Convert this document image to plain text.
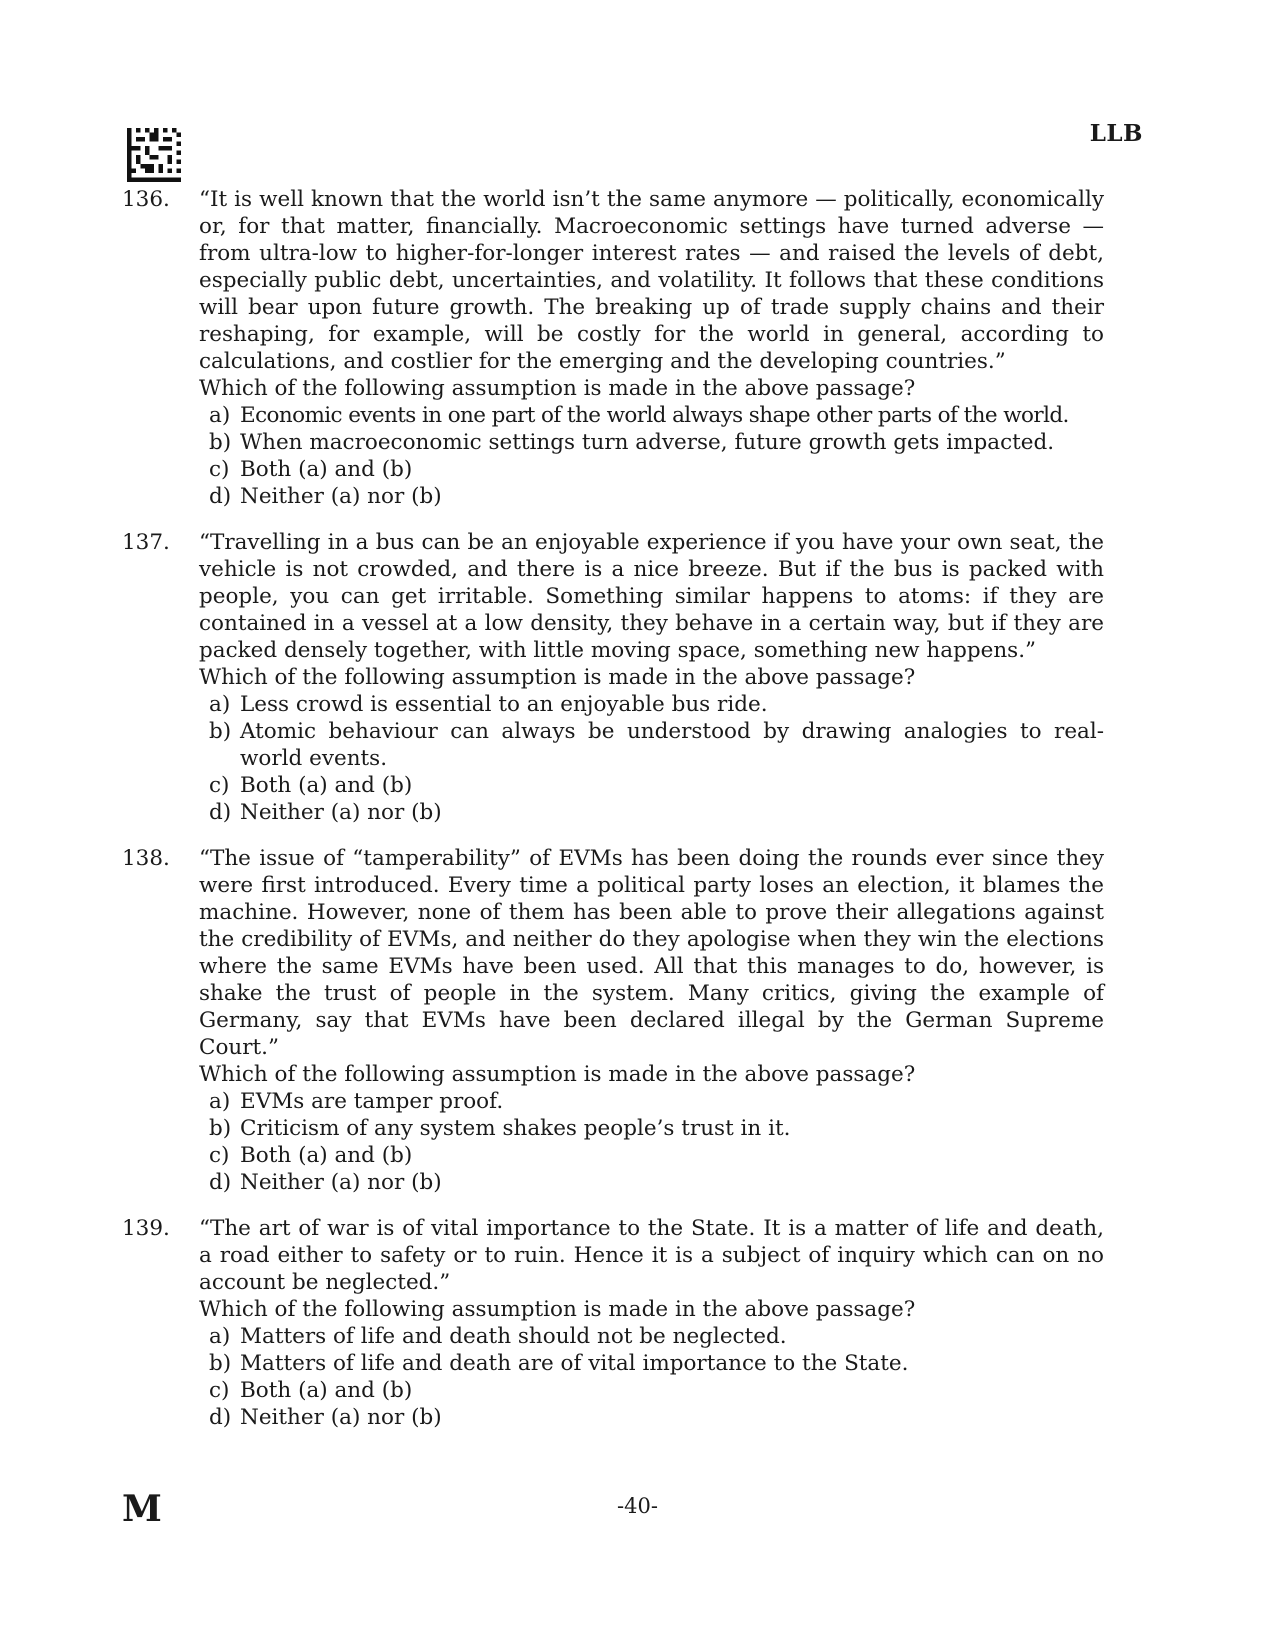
LLB
136.	“It is well known that the world isn’t the same anymore — politically, economically or, for that matter, financially. Macroeconomic settings have turned adverse — from ultra-low to higher-for-longer interest rates — and raised the levels of debt, especially public debt, uncertainties, and volatility. It follows that these conditions will bear upon future growth. The breaking up of trade supply chains and their reshaping, for example, will be costly for the world in general, according to calculations, and costlier for the emerging and the developing countries.”

Which of the following assumption is made in the above passage?

a) Economic events in one part of the world always shape other parts of the world.
b) When macroeconomic settings turn adverse, future growth gets impacted.
c) Both (a) and (b)
d) Neither (a) nor (b)
137.	“Travelling in a bus can be an enjoyable experience if you have your own seat, the vehicle is not crowded, and there is a nice breeze. But if the bus is packed with people, you can get irritable. Something similar happens to atoms: if they are contained in a vessel at a low density, they behave in a certain way, but if they are packed densely together, with little moving space, something new happens.”

Which of the following assumption is made in the above passage?

a) Less crowd is essential to an enjoyable bus ride.
b) Atomic behaviour can always be understood by drawing analogies to real-world events.
c) Both (a) and (b)
d) Neither (a) nor (b)
138.	“The issue of “tamperability” of EVMs has been doing the rounds ever since they were first introduced. Every time a political party loses an election, it blames the machine. However, none of them has been able to prove their allegations against the credibility of EVMs, and neither do they apologise when they win the elections where the same EVMs have been used. All that this manages to do, however, is shake the trust of people in the system. Many critics, giving the example of Germany, say that EVMs have been declared illegal by the German Supreme Court.”

Which of the following assumption is made in the above passage?

a) EVMs are tamper proof.
b) Criticism of any system shakes people’s trust in it.
c) Both (a) and (b)
d) Neither (a) nor (b)
139.	“The art of war is of vital importance to the State. It is a matter of life and death, a road either to safety or to ruin. Hence it is a subject of inquiry which can on no account be neglected.”

Which of the following assumption is made in the above passage?

a) Matters of life and death should not be neglected.
b) Matters of life and death are of vital importance to the State.
c) Both (a) and (b)
d) Neither (a) nor (b)
M	-40-
